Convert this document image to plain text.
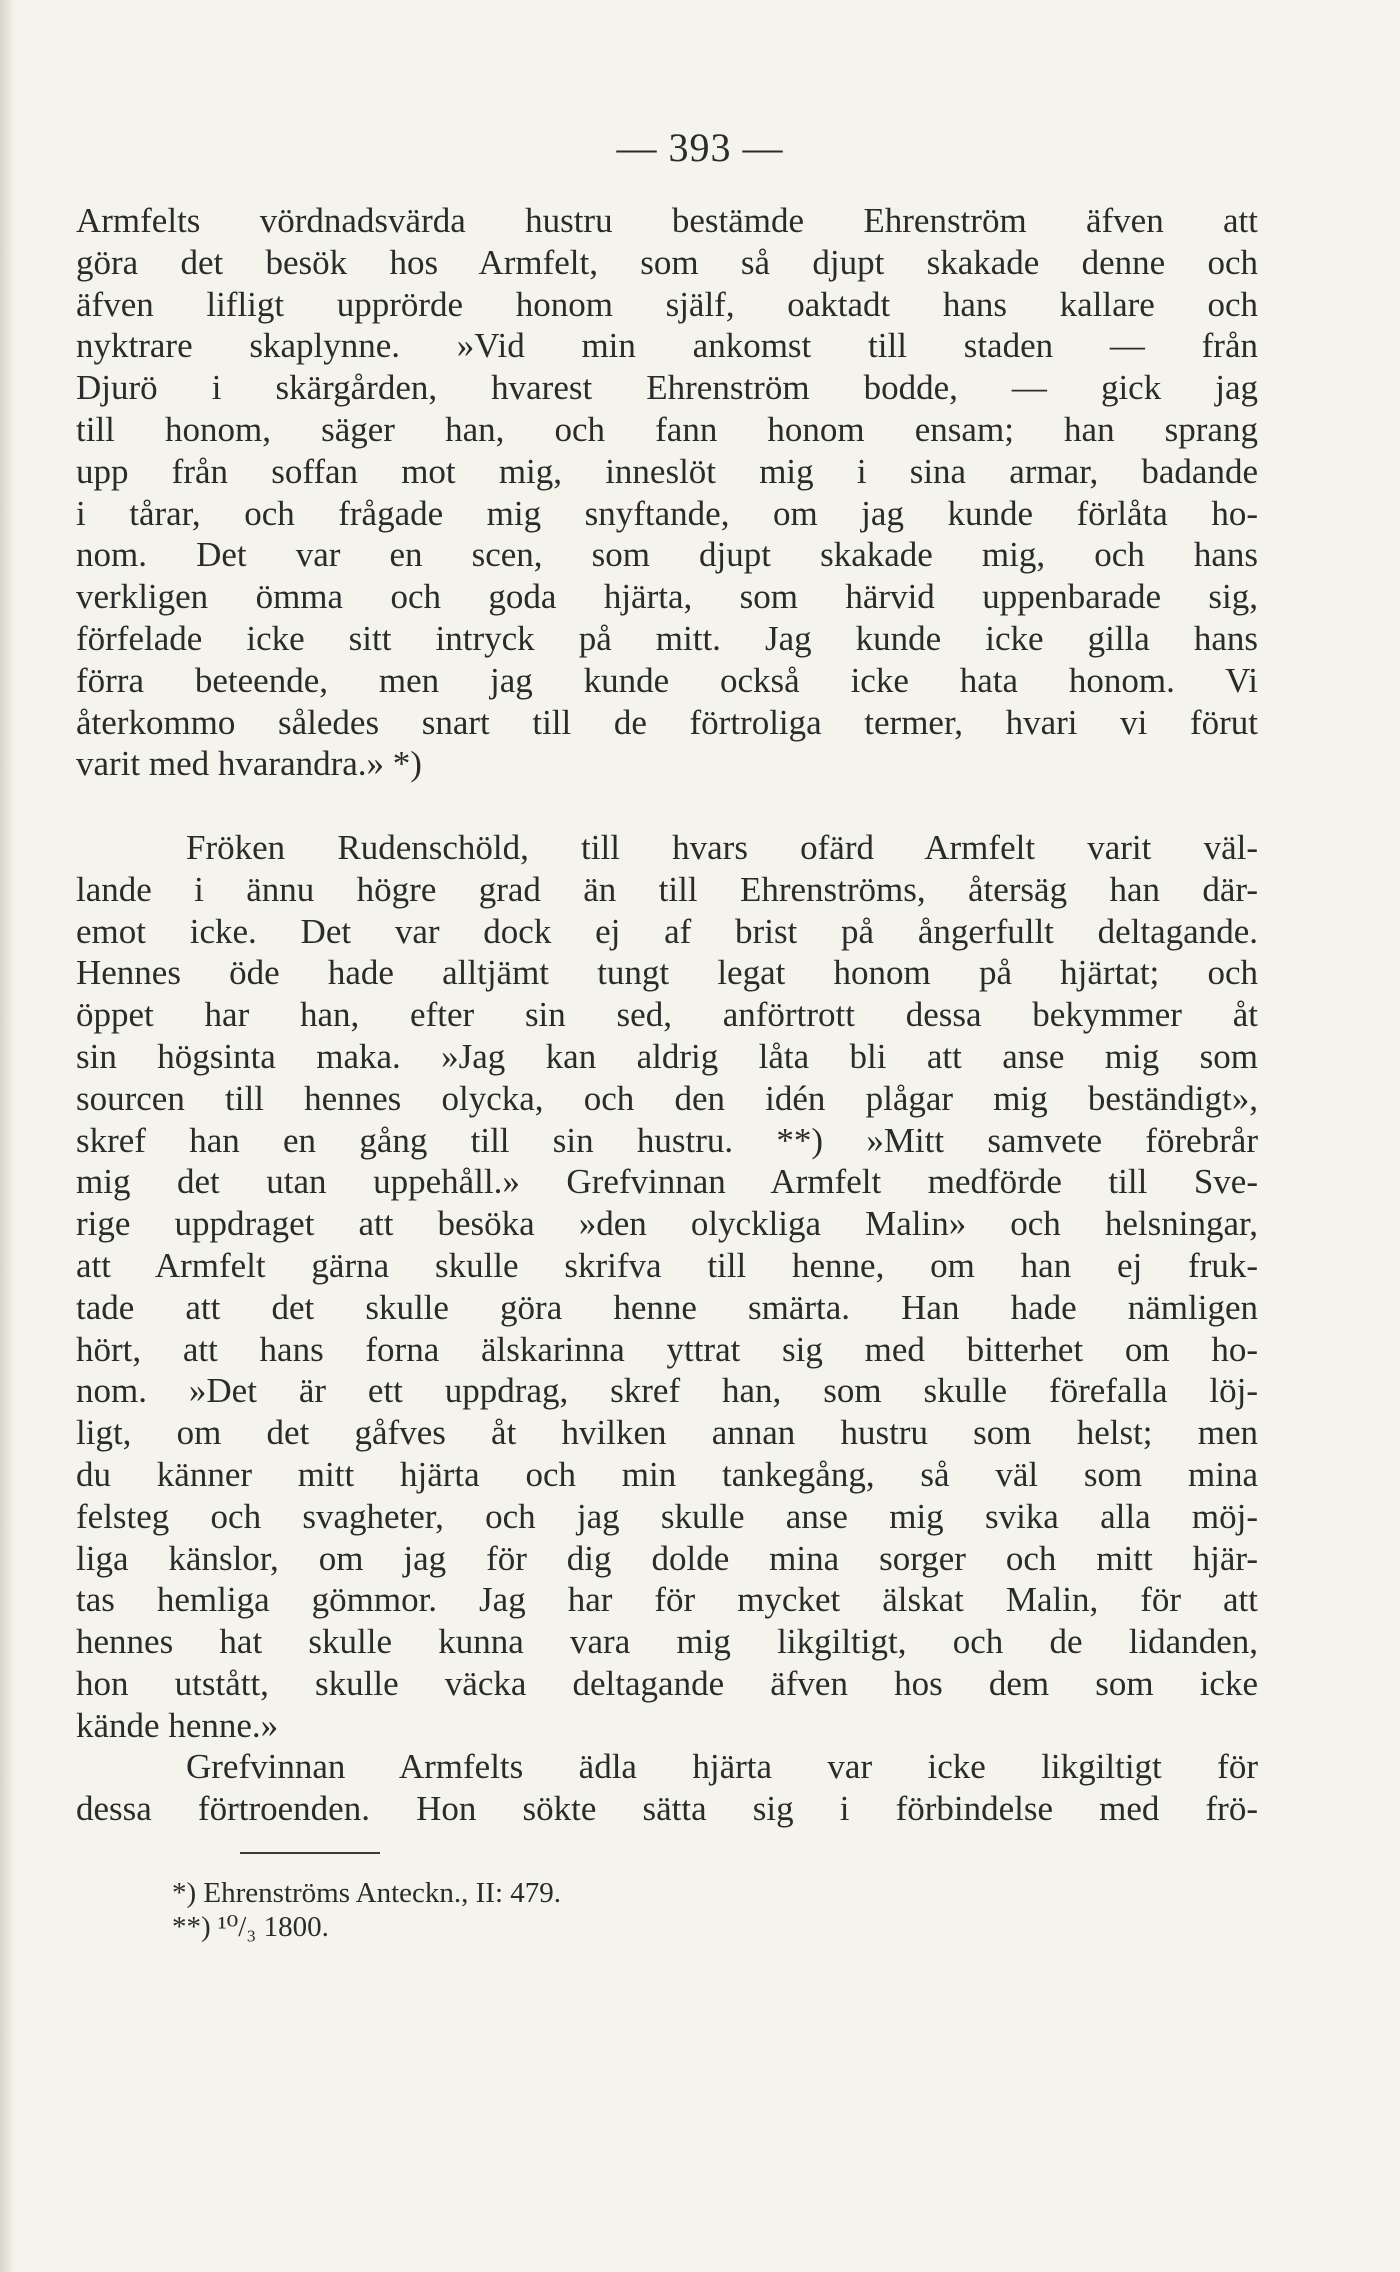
— 393 —
Armfelts vördnadsvärda hustru bestämde Ehrenström äfven att
göra det besök hos Armfelt, som så djupt skakade denne och
äfven lifligt upprörde honom själf, oaktadt hans kallare och
nyktrare skaplynne. »Vid min ankomst till staden — från
Djurö i skärgården, hvarest Ehrenström bodde, — gick jag
till honom, säger han, och fann honom ensam; han sprang
upp från soffan mot mig, inneslöt mig i sina armar, badande
i tårar, och frågade mig snyftande, om jag kunde förlåta ho-
nom. Det var en scen, som djupt skakade mig, och hans
verkligen ömma och goda hjärta, som härvid uppenbarade sig,
förfelade icke sitt intryck på mitt. Jag kunde icke gilla hans
förra beteende, men jag kunde också icke hata honom. Vi
återkommo således snart till de förtroliga termer, hvari vi förut
varit med hvarandra.» *)
Fröken Rudenschöld, till hvars ofärd Armfelt varit väl-
lande i ännu högre grad än till Ehrenströms, återsäg han där-
emot icke. Det var dock ej af brist på ångerfullt deltagande.
Hennes öde hade alltjämt tungt legat honom på hjärtat; och
öppet har han, efter sin sed, anförtrott dessa bekymmer åt
sin högsinta maka. »Jag kan aldrig låta bli att anse mig som
sourcen till hennes olycka, och den idén plågar mig beständigt»,
skref han en gång till sin hustru. **) »Mitt samvete förebrår
mig det utan uppehåll.» Grefvinnan Armfelt medförde till Sve-
rige uppdraget att besöka »den olyckliga Malin» och helsningar,
att Armfelt gärna skulle skrifva till henne, om han ej fruk-
tade att det skulle göra henne smärta. Han hade nämligen
hört, att hans forna älskarinna yttrat sig med bitterhet om ho-
nom. »Det är ett uppdrag, skref han, som skulle förefalla löj-
ligt, om det gåfves åt hvilken annan hustru som helst; men
du känner mitt hjärta och min tankegång, så väl som mina
felsteg och svagheter, och jag skulle anse mig svika alla möj-
liga känslor, om jag för dig dolde mina sorger och mitt hjär-
tas hemliga gömmor. Jag har för mycket älskat Malin, för att
hennes hat skulle kunna vara mig likgiltigt, och de lidanden,
hon utstått, skulle väcka deltagande äfven hos dem som icke
kände henne.»
Grefvinnan Armfelts ädla hjärta var icke likgiltigt för
dessa förtroenden. Hon sökte sätta sig i förbindelse med frö-
*) Ehrenströms Anteckn., II: 479.
**) ¹⁰/₃ 1800.
